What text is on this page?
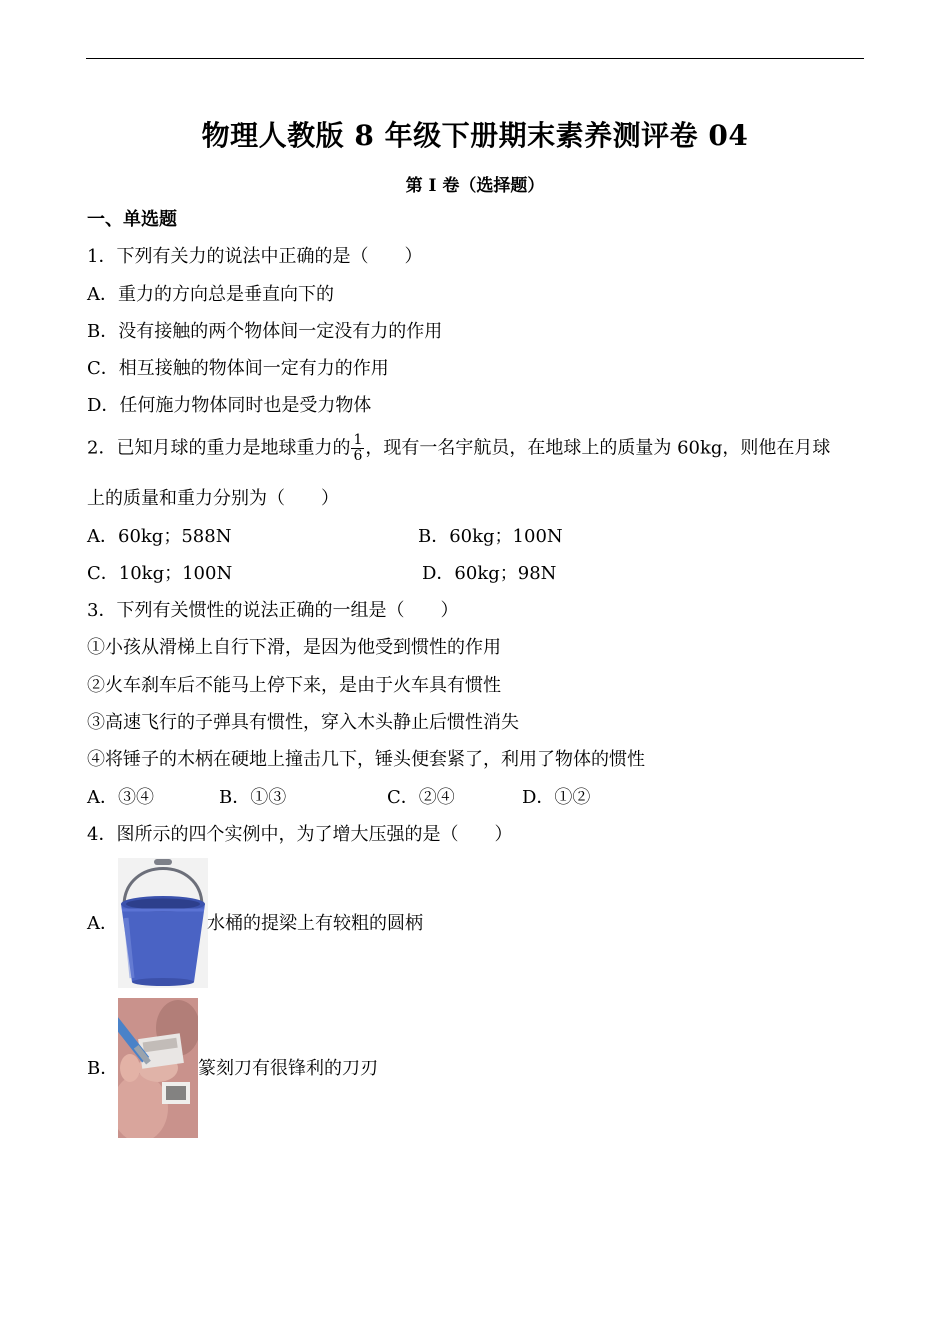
物理人教版 8 年级下册期末素养测评卷 04
第 I 卷（选择题）
一、单选题
1．下列有关力的说法中正确的是（　　）
A．重力的方向总是垂直向下的
B．没有接触的两个物体间一定没有力的作用
C．相互接触的物体间一定有力的作用
D．任何施力物体同时也是受力物体
2．已知月球的重力是地球重力的 $\frac{1}{6}$ ，现有一名宇航员，在地球上的质量为 60kg，则他在月球
上的质量和重力分别为（　　）
A．60kg；588N	B．60kg；100N
C．10kg；100N	D．60kg；98N
3．下列有关惯性的说法正确的一组是（　　）
①小孩从滑梯上自行下滑，是因为他受到惯性的作用
②火车刹车后不能马上停下来，是由于火车具有惯性
③高速飞行的子弹具有惯性，穿入木头静止后惯性消失
④将锤子的木柄在硬地上撞击几下，锤头便套紧了，利用了物体的惯性
A．③④	B．①③	C．②④	D．①②
4．图所示的四个实例中，为了增大压强的是（　　）
A．	水桶的提梁上有较粗的圆柄
B．	篆刻刀有很锋利的刀刃
